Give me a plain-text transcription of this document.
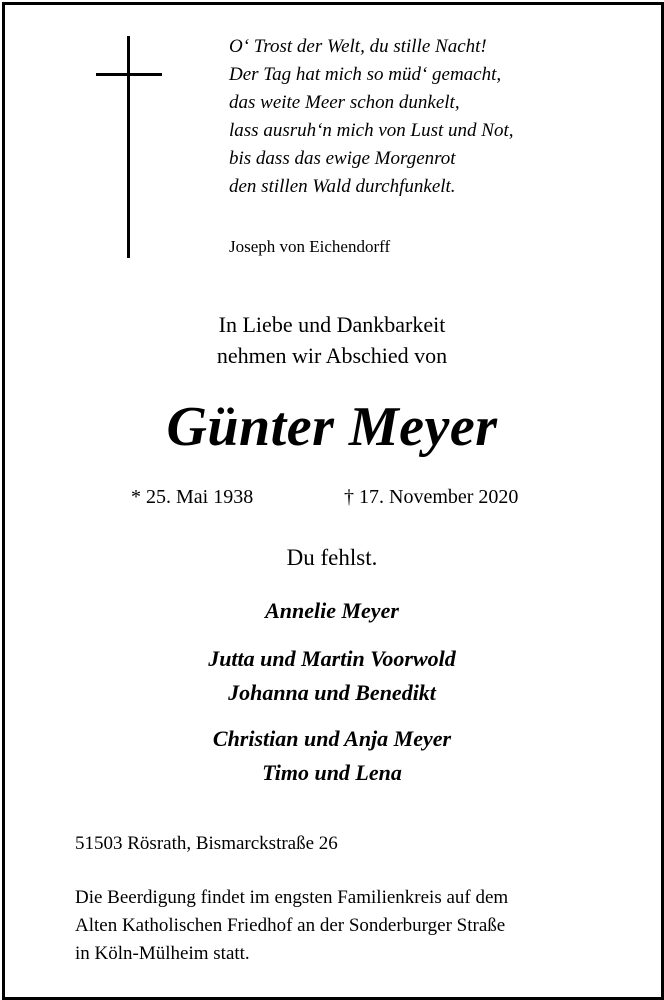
O‘ Trost der Welt, du stille Nacht!
Der Tag hat mich so müd‘ gemacht,
das weite Meer schon dunkelt,
lass ausruh‘n mich von Lust und Not,
bis dass das ewige Morgenrot
den stillen Wald durchfunkelt.
Joseph von Eichendorff
In Liebe und Dankbarkeit
nehmen wir Abschied von
Günter Meyer
* 25. Mai 1938	† 17. November 2020
Du fehlst.
Annelie Meyer
Jutta und Martin Voorwold
Johanna und Benedikt
Christian und Anja Meyer
Timo und Lena
51503 Rösrath, Bismarckstraße 26
Die Beerdigung findet im engsten Familienkreis auf dem
Alten Katholischen Friedhof an der Sonderburger Straße
in Köln-Mülheim statt.
